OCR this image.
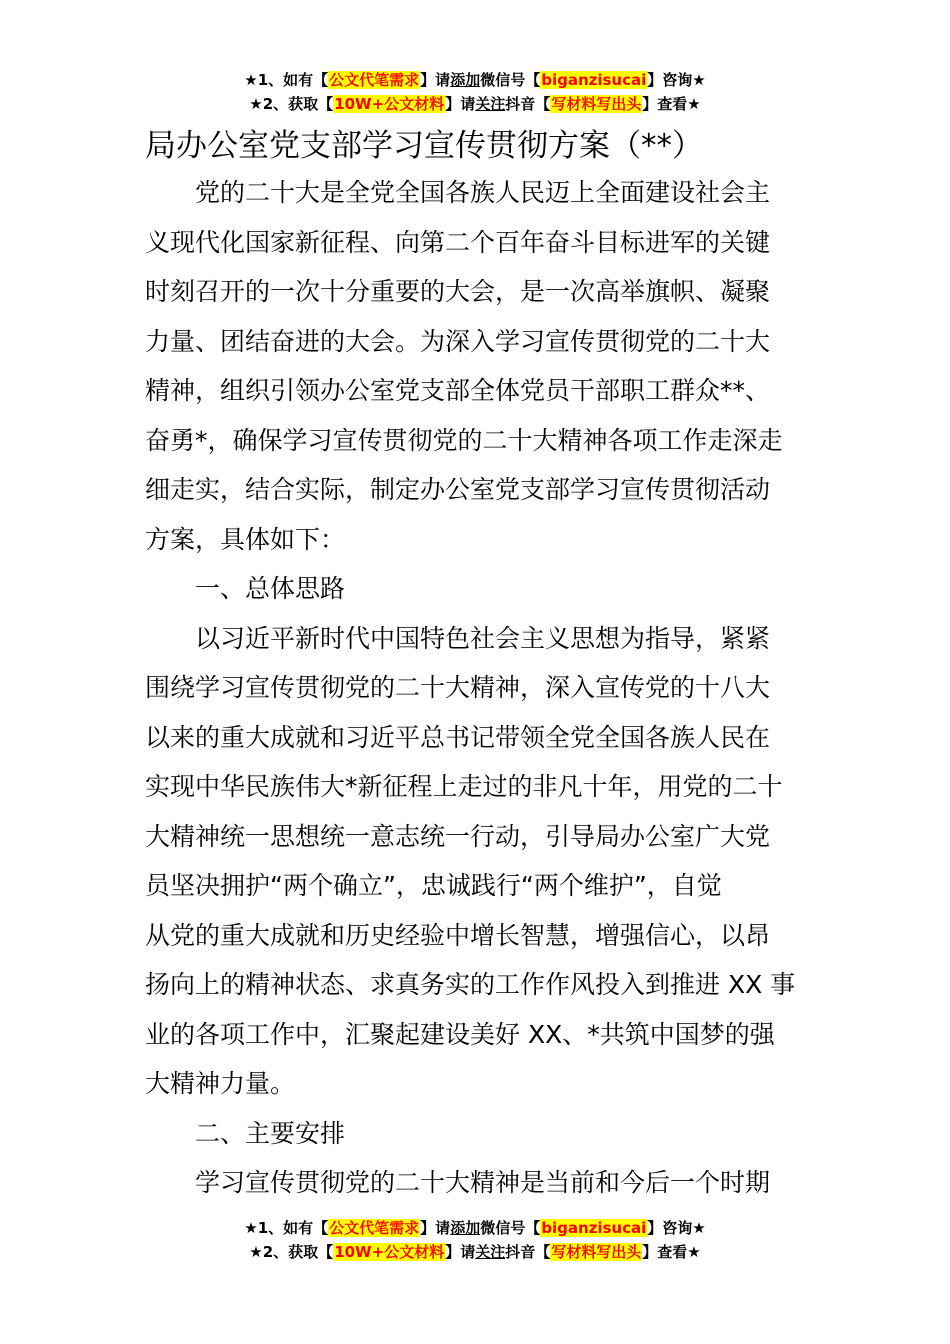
★1、如有【公文代笔需求】请添加微信号【biganzisucai】咨询★
★2、获取【10W+公文材料】请关注抖音【写材料写出头】查看★
局办公室党支部学习宣传贯彻方案（**）
党的二十大是全党全国各族人民迈上全面建设社会主
义现代化国家新征程、向第二个百年奋斗目标进军的关键
时刻召开的一次十分重要的大会，是一次高举旗帜、凝聚
力量、团结奋进的大会。为深入学习宣传贯彻党的二十大
精神，组织引领办公室党支部全体党员干部职工群众**、
奋勇*，确保学习宣传贯彻党的二十大精神各项工作走深走
细走实，结合实际，制定办公室党支部学习宣传贯彻活动
方案，具体如下：
一、总体思路
以习近平新时代中国特色社会主义思想为指导，紧紧
围绕学习宣传贯彻党的二十大精神，深入宣传党的十八大
以来的重大成就和习近平总书记带领全党全国各族人民在
实现中华民族伟大*新征程上走过的非凡十年，用党的二十
大精神统一思想统一意志统一行动，引导局办公室广大党
员坚决拥护“两个确立”，忠诚践行“两个维护”，自觉
从党的重大成就和历史经验中增长智慧，增强信心，以昂
扬向上的精神状态、求真务实的工作作风投入到推进 XX 事
业的各项工作中，汇聚起建设美好 XX、*共筑中国梦的强
大精神力量。
二、主要安排
学习宣传贯彻党的二十大精神是当前和今后一个时期
★1、如有【公文代笔需求】请添加微信号【biganzisucai】咨询★
★2、获取【10W+公文材料】请关注抖音【写材料写出头】查看★
